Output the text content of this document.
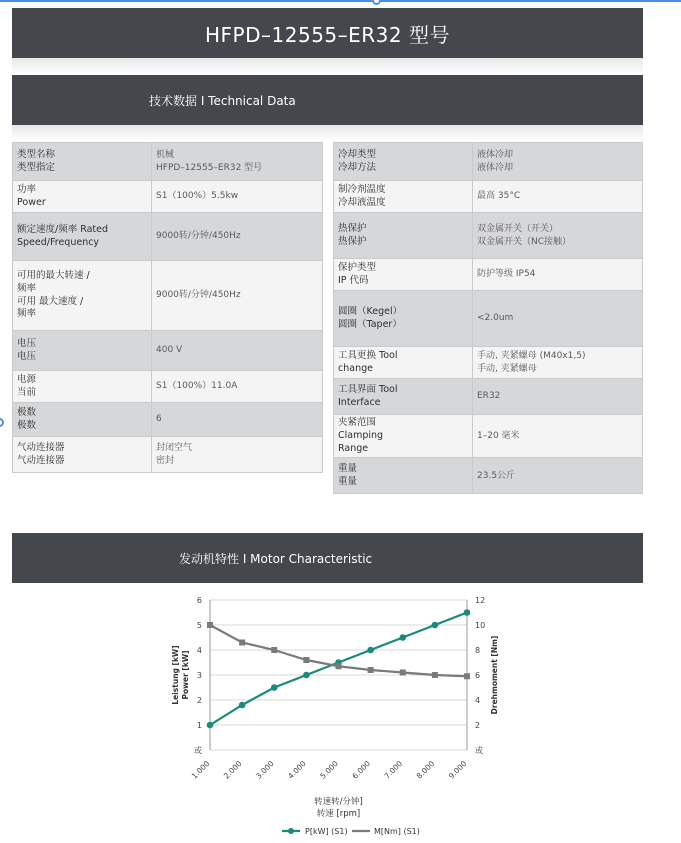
HFPD–12555–ER32 型号
技术数据 I Technical Data
类型名称
类型指定	机械
HFPD–12555–ER32 型号

功率
Power	S1（100%）5.5kw

额定速度/频率 Rated
Speed/Frequency	9000转/分钟/450Hz

可用的最大转速 /
频率
可用 最大速度 /
频率	9000转/分钟/450Hz

电压
电压	400 V

电源
当前	S1（100%）11.0A

极数
极数	6

气动连接器
气动连接器	封闭空气
密封
冷却类型
冷却方法	液体冷却
液体冷却

制冷剂温度
冷却液温度	最高 35°C

热保护
热保护	双金属开关（开关）
双金属开关（NC接触）

保护类型
IP 代码	防护等级 IP54

圆圈（Kegel）
圆圈（Taper）	<2.0um

工具更换 Tool
change	手动, 夹紧螺母 (M40x1,5)
手动, 夹紧螺母

工具界面 Tool
Interface	ER32

夹紧范围
Clamping
Range	1–20 毫米

重量
重量	23.5公斤
发动机特性 I Motor Characteristic
或	或
1	2
2	4
3	6
4	8
5	10
6	12
1.000 2.000 3.000 4.000 5.000 6.000 7.000 8.000 9.000
Leistung [kW] Power [kW]	Drehmoment [Nm]
转速转/分钟]
转速 [rpm]
P[kW] (S1)	M[Nm] (S1)
